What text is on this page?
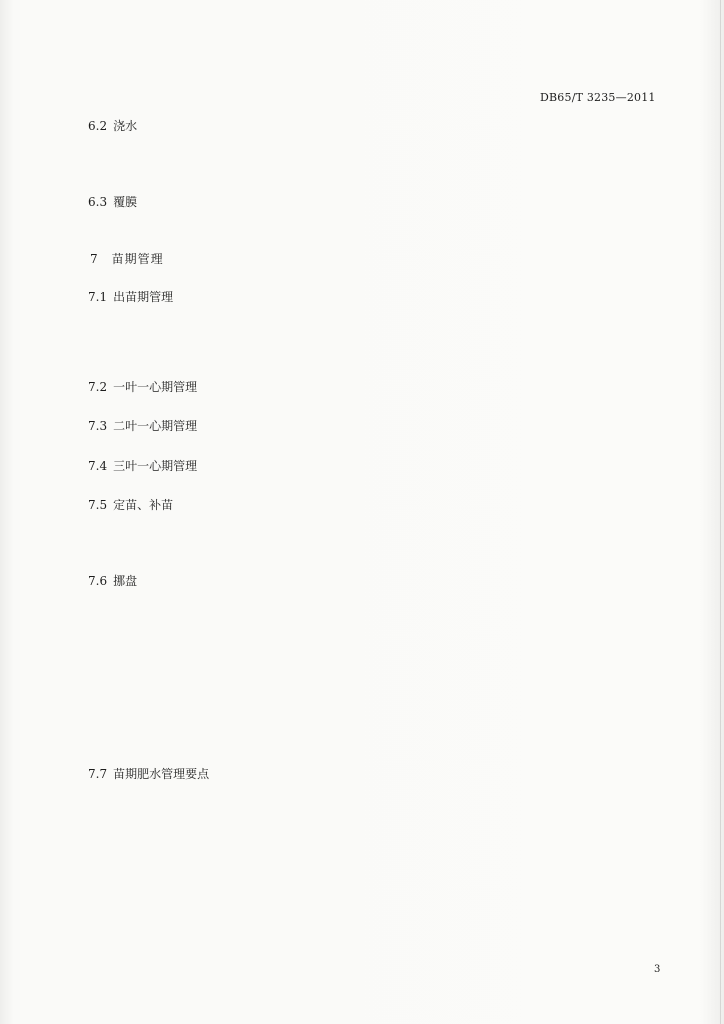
DB65/T 3235—2011

6.2  浇水

6.3  覆膜

7  苗期管理

7.1  出苗期管理

7.2  一叶一心期管理

7.3  二叶一心期管理

7.4  三叶一心期管理

7.5  定苗、补苗

7.6  挪盘

7.7  苗期肥水管理要点

3
